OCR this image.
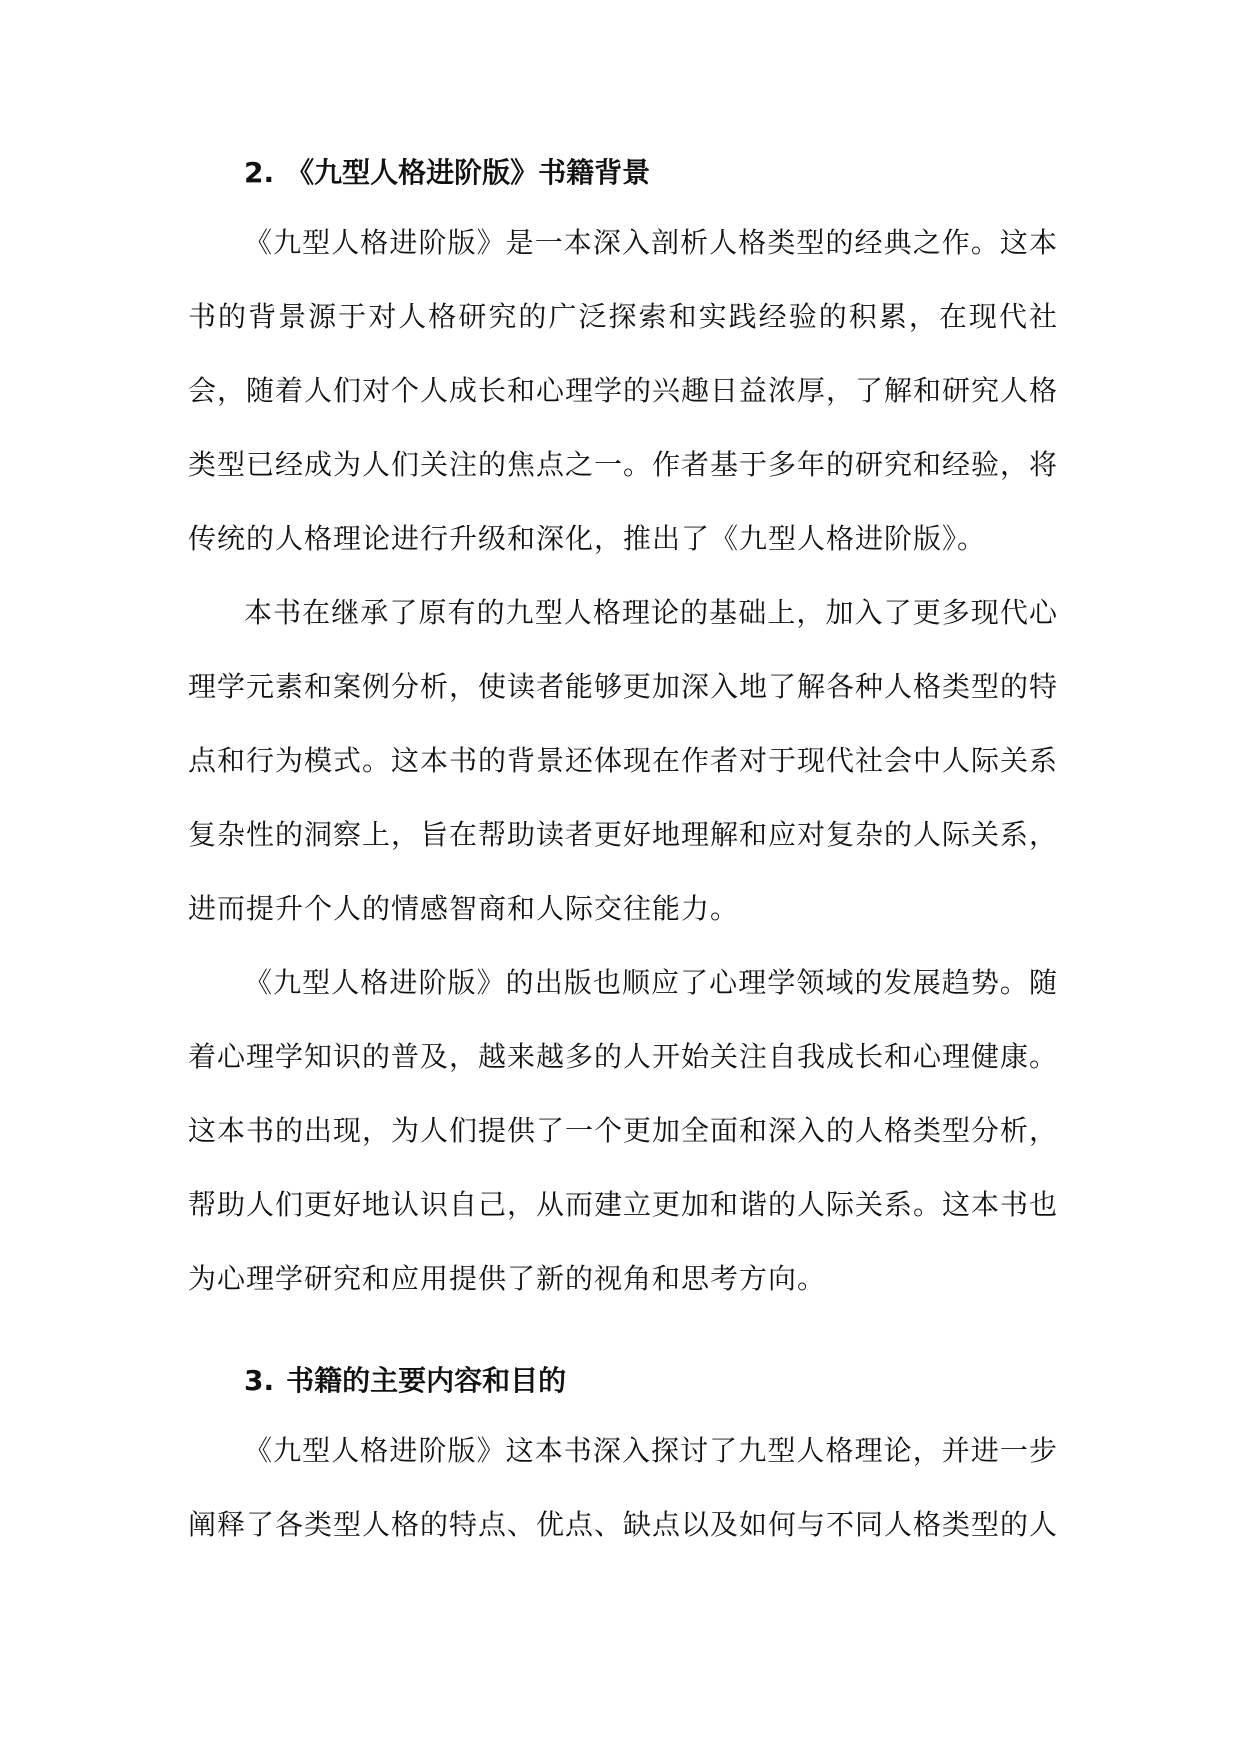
2. 《九型人格进阶版》书籍背景

《九型人格进阶版》是一本深入剖析人格类型的经典之作。这本书的背景源于对人格研究的广泛探索和实践经验的积累，在现代社会，随着人们对个人成长和心理学的兴趣日益浓厚，了解和研究人格类型已经成为人们关注的焦点之一。作者基于多年的研究和经验，将传统的人格理论进行升级和深化，推出了《九型人格进阶版》。

本书在继承了原有的九型人格理论的基础上，加入了更多现代心理学元素和案例分析，使读者能够更加深入地了解各种人格类型的特点和行为模式。这本书的背景还体现在作者对于现代社会中人际关系复杂性的洞察上，旨在帮助读者更好地理解和应对复杂的人际关系，进而提升个人的情感智商和人际交往能力。

《九型人格进阶版》的出版也顺应了心理学领域的发展趋势。随着心理学知识的普及，越来越多的人开始关注自我成长和心理健康。这本书的出现，为人们提供了一个更加全面和深入的人格类型分析，帮助人们更好地认识自己，从而建立更加和谐的人际关系。这本书也为心理学研究和应用提供了新的视角和思考方向。

3. 书籍的主要内容和目的

《九型人格进阶版》这本书深入探讨了九型人格理论，并进一步阐释了各类型人格的特点、优点、缺点以及如何与不同人格类型的人
